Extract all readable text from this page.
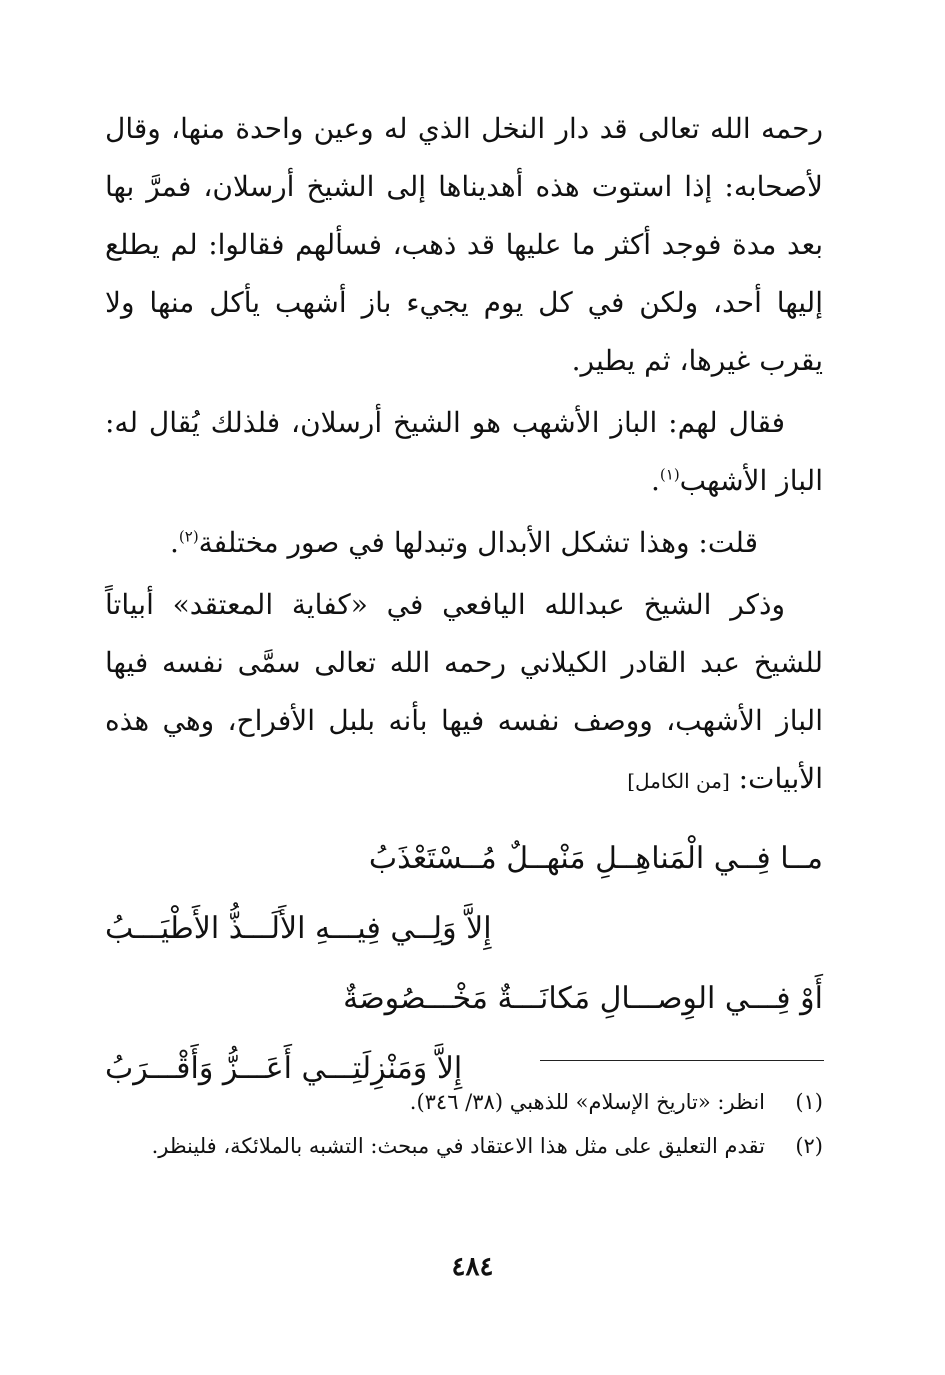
رحمه الله تعالى قد دار النخل الذي له وعين واحدة منها، وقال لأصحابه: إذا استوت هذه أهديناها إلى الشيخ أرسلان، فمرَّ بها بعد مدة فوجد أكثر ما عليها قد ذهب، فسألهم فقالوا: لم يطلع إليها أحد، ولكن في كل يوم يجيء باز أشهب يأكل منها ولا يقرب غيرها، ثم يطير.

فقال لهم: الباز الأشهب هو الشيخ أرسلان، فلذلك يُقال له: الباز الأشهب$^{(١)}$.

قلت: وهذا تشكل الأبدال وتبدلها في صور مختلفة$^{(٢)}$.

وذكر الشيخ عبدالله اليافعي في «كفاية المعتقد» أبياتاً للشيخ عبد القادر الكيلاني رحمه الله تعالى سمَّى نفسه فيها الباز الأشهب، ووصف نفسه فيها بأنه بلبل الأفراح، وهي هذه الأبيات: [من الكامل]

مــا فِــي الْمَناهِــلِ مَنْهــلٌ مُــسْتَعْذَبُ
إِلاَّ وَلِــي فِيـــهِ الأَلَـــذُّ الأَطْيَـــبُ
أَوْ فِـــي الوِصـــالِ مَكانَـــةٌ مَخْـــصُوصَةٌ
إِلاَّ وَمَنْزِلَتِـــي أَعَـــزُّ وَأَقْـــرَبُ
(١)
انظر: «تاريخ الإسلام» للذهبي (٣٨/ ٣٤٦).
(٢)
تقدم التعليق على مثل هذا الاعتقاد في مبحث: التشبه بالملائكة، فلينظر.
٤٨٤
